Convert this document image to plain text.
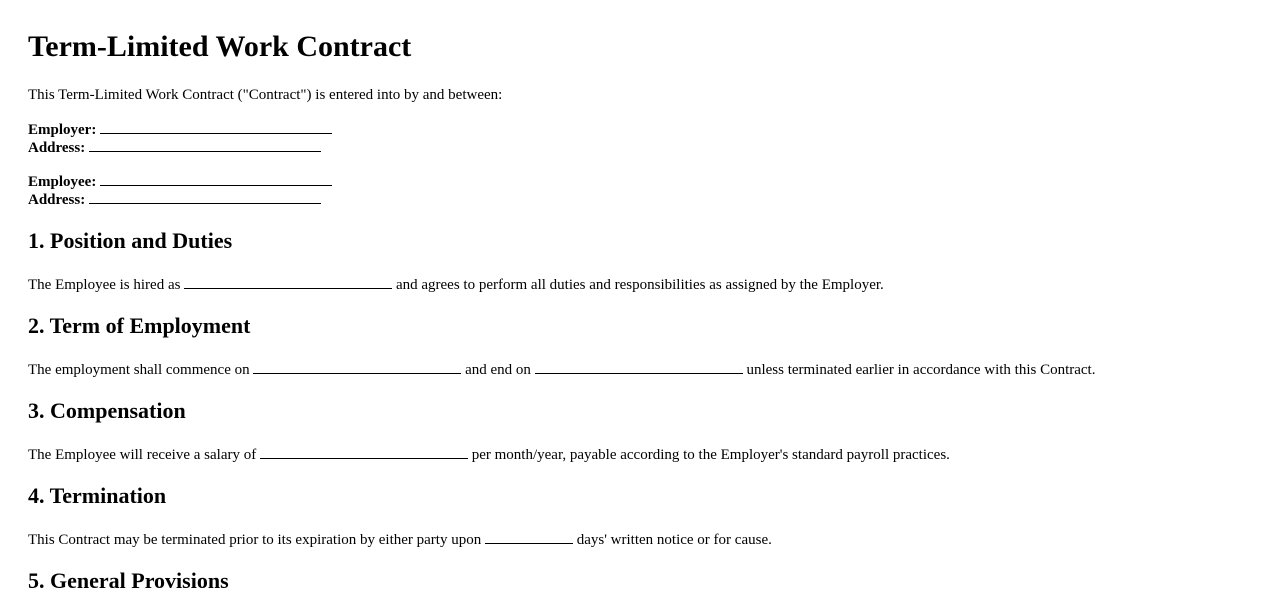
Term-Limited Work Contract

This Term-Limited Work Contract ("Contract") is entered into by and between:

Employer:
Address:
Employee:
Address:
1. Position and Duties

The Employee is hired as	and agrees to perform all duties and responsibilities as assigned by the Employer.

2. Term of Employment

The employment shall commence on	and end on	unless terminated earlier in accordance with this Contract.

3. Compensation

The Employee will receive a salary of	per month/year, payable according to the Employer's standard payroll practices.

4. Termination

This Contract may be terminated prior to its expiration by either party upon	days' written notice or for cause.

5. General Provisions
